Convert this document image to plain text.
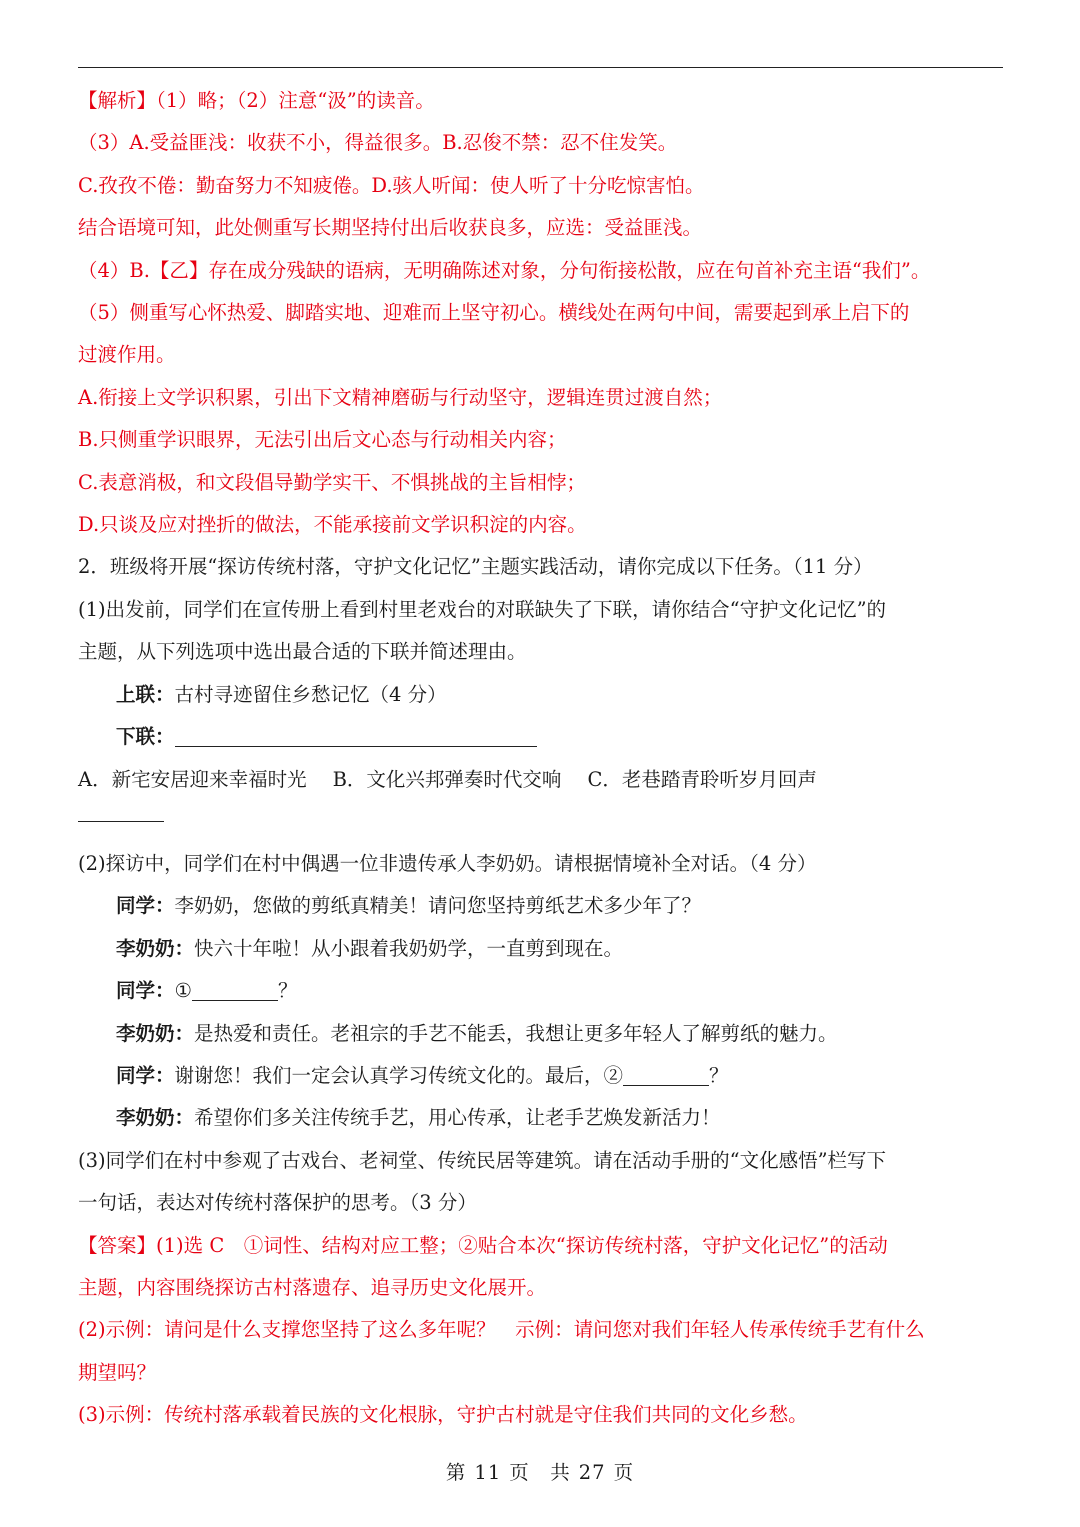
【解析】（1）略；（2）注意“汲”的读音。
（3）A.受益匪浅：收获不小，得益很多。B.忍俊不禁：忍不住发笑。
C.孜孜不倦：勤奋努力不知疲倦。D.骇人听闻：使人听了十分吃惊害怕。
结合语境可知，此处侧重写长期坚持付出后收获良多，应选：受益匪浅。
（4）B.【乙】存在成分残缺的语病，无明确陈述对象，分句衔接松散，应在句首补充主语“我们”。
（5）侧重写心怀热爱、脚踏实地、迎难而上坚守初心。横线处在两句中间，需要起到承上启下的
过渡作用。
A.衔接上文学识积累，引出下文精神磨砺与行动坚守，逻辑连贯过渡自然；
B.只侧重学识眼界，无法引出后文心态与行动相关内容；
C.表意消极，和文段倡导勤学实干、不惧挑战的主旨相悖；
D.只谈及应对挫折的做法，不能承接前文学识积淀的内容。
2．班级将开展“探访传统村落，守护文化记忆”主题实践活动，请你完成以下任务。（11 分）
(1)出发前，同学们在宣传册上看到村里老戏台的对联缺失了下联，请你结合“守护文化记忆”的
主题，从下列选项中选出最合适的下联并简述理由。
上联：古村寻迹留住乡愁记忆（4 分）
下联：
A．新宅安居迎来幸福时光 B．文化兴邦弹奏时代交响 C．老巷踏青聆听岁月回声
(2)探访中，同学们在村中偶遇一位非遗传承人李奶奶。请根据情境补全对话。（4 分）
同学：李奶奶，您做的剪纸真精美！请问您坚持剪纸艺术多少年了？
李奶奶：快六十年啦！从小跟着我奶奶学，一直剪到现在。
同学：①	？
李奶奶：是热爱和责任。老祖宗的手艺不能丢，我想让更多年轻人了解剪纸的魅力。
同学：谢谢您！我们一定会认真学习传统文化的。最后，②	？
李奶奶：希望你们多关注传统手艺，用心传承，让老手艺焕发新活力！
(3)同学们在村中参观了古戏台、老祠堂、传统民居等建筑。请在活动手册的“文化感悟”栏写下
一句话，表达对传统村落保护的思考。（3 分）
【答案】(1)选 C　①词性、结构对应工整；②贴合本次“探访传统村落，守护文化记忆”的活动
主题，内容围绕探访古村落遗存、追寻历史文化展开。
(2)示例：请问是什么支撑您坚持了这么多年呢？　示例：请问您对我们年轻人传承传统手艺有什么
期望吗？
(3)示例：传统村落承载着民族的文化根脉，守护古村就是守住我们共同的文化乡愁。
第 11 页　共 27 页
